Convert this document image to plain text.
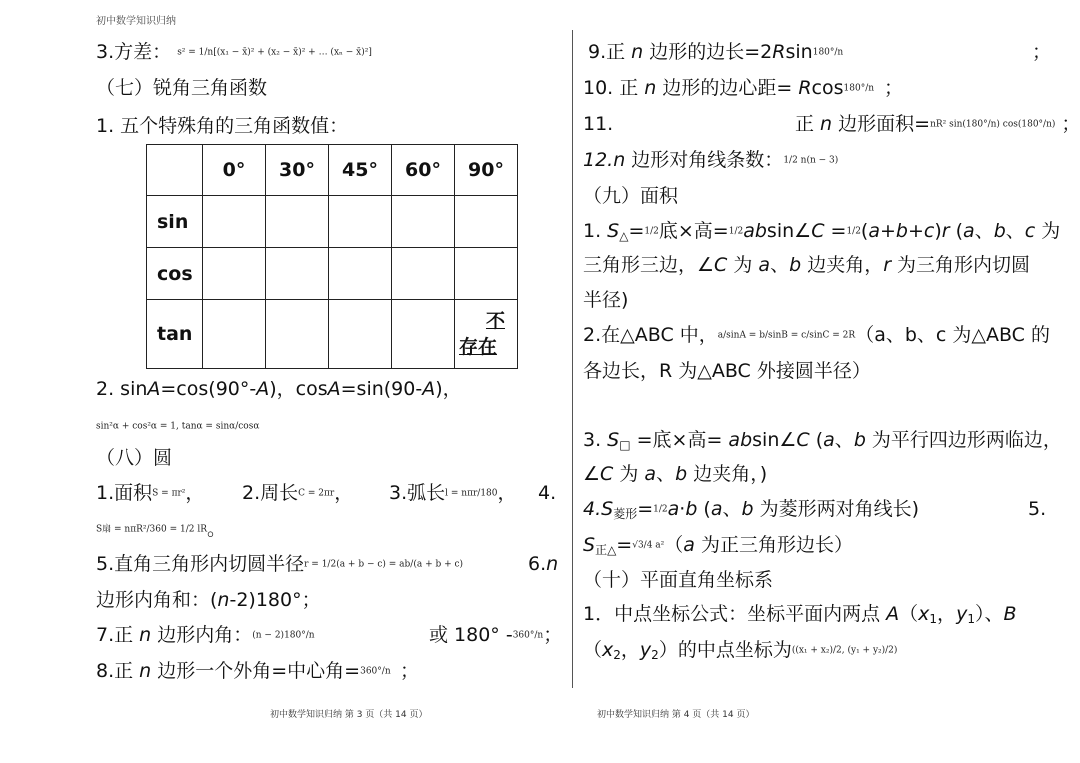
初中数学知识归纳
3.方差： s² = 1/n[(x₁ − x̄)² + (x₂ − x̄)² + … (xₙ − x̄)²]
（七）锐角三角函数
1. 五个特殊角的三角函数值：
	0°	30°	45°	60°	90°
sin					
cos					
tan					不
存在
2. sinA=cos(90°-A)，cosA=sin(90-A)，
sin²α + cos²α = 1, tanα = sinα/cosα
（八）圆
1.面积S = πr²， 2.周长C = 2πr， 3.弧长l = nπr/180， 4.
S扇 = nπR²/360 = 1/2 lR。
5.直角三角形内切圆半径r = 1/2(a + b − c) = ab/(a + b + c)	6.n
边形内角和：(n-2)180°；
7.正 n 边形内角：(n − 2)180°/n	或 180° -360°/n；
8.正 n 边形一个外角=中心角=360°/n ；
9.正 n 边形的边长=2Rsin180°/n	；
10. 正 n 边形的边心距= Rcos180°/n ；
11.	正 n 边形面积=nR² sin(180°/n) cos(180°/n) ；
12.n 边形对角线条数：1/2 n(n − 3)
（九）面积
1. $S_\triangle=1/2$底×高=1/2absin∠C =1/2(a+b+c)r (a、b、c 为
三角形三边，∠C 为 a、b 边夹角，r 为三角形内切圆
半径)
2.在△ABC 中，a/sinA = b/sinB = c/sinC = 2R（a、b、c 为△ABC 的
各边长，R 为△ABC 外接圆半径）
3. $S_□$ =底×高= absin∠C (a、b 为平行四边形两临边，
∠C 为 a、b 边夹角，)
$4.S_{菱形}=1/2a\cdot b$ (a、b 为菱形两对角线长)	5.
$S_{正\triangle}=√3/4$ a²（a 为正三角形边长）
（十）平面直角坐标系
1．中点坐标公式：坐标平面内两点 $A(x_1$，$y_1$）、B
（$x_2$，$y_2$）的中点坐标为((x₁ + x₂)/2, (y₁ + y₂)/2)
初中数学知识归纳 第 3 页（共 14 页）	初中数学知识归纳 第 4 页（共 14 页）
